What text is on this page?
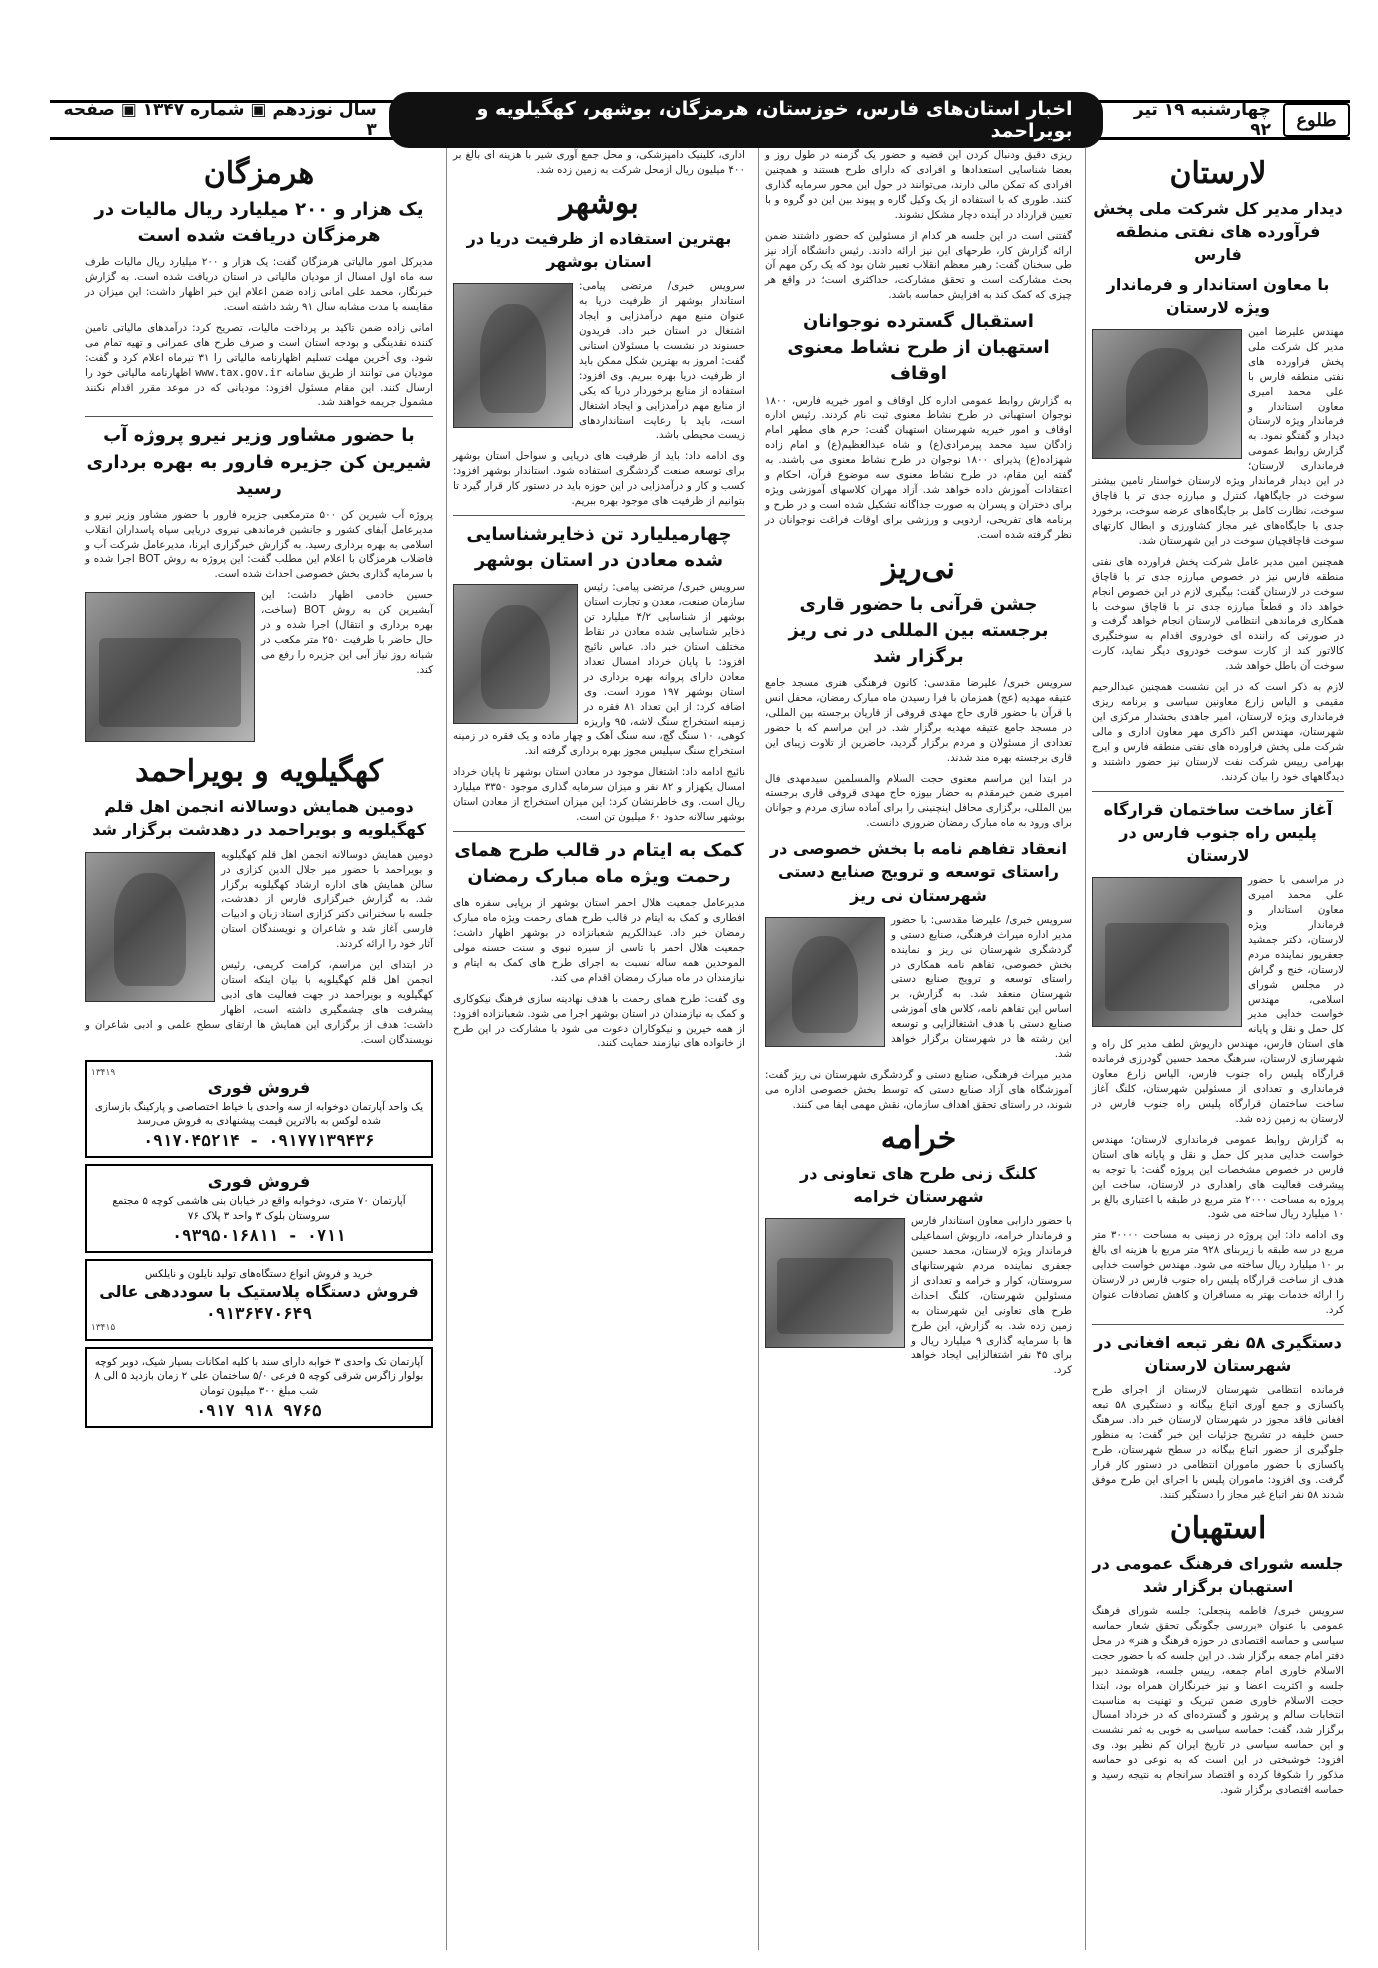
طلوع
چهارشنبه ۱۹ تیر ۹۲
اخبار استان‌های فارس، خوزستان، هرمزگان، بوشهر، کهگیلویه و بویراحمد
سال نوزدهم ▣ شماره ۱۳۴۷ ▣ صفحه ۳
لارستان
دیدار مدیر کل شرکت ملی پخش فرآورده های نفتی منطقه فارس
با معاون استاندار و فرماندار ویژه لارستان
مهندس علیرضا امین مدیر کل شرکت ملی پخش فراورده های نفتی منطقه فارس با علی محمد امیری معاون استاندار و فرماندار ویژه لارستان دیدار و گفتگو نمود. به گزارش روابط عمومی فرمانداری لارستان؛ در این دیدار فرماندار ویژه لارستان خواستار تامین بیشتر سوخت در جایگاهها، کنترل و مبارزه جدی تر با قاچاق سوخت، نظارت کامل بر جایگاه‌های عرضه سوخت، برخورد جدی با جایگاه‌های غیر مجاز کشاورزی و ابطال کارتهای سوخت قاچاقچیان سوخت در این شهرستان شد.
همچنین امین مدیر عامل شرکت پخش فراورده های نفتی منطقه فارس نیز در خصوص مبارزه جدی تر با قاچاق سوخت در لارستان گفت: بیگیری لازم در این خصوص انجام خواهد داد و قطعاً مبارزه جدی تر با قاچاق سوخت با همکاری فرماندهی انتظامی لارستان انجام خواهد گرفت و در صورتی که راننده ای خودروی اقدام به سوختگیری کالاتور کند از کارت سوخت خودروی دیگر نماید، کارت سوخت آن باطل خواهد شد.
لازم به ذکر است که در این نشست همچنین عبدالرحیم مقیمی و الیاس زارع معاونین سیاسی و برنامه ریزی فرمانداری ویژه لارستان، امیر جاهدی بخشدار مرکزی این شهرستان، مهندس اکبر ذاکری مهر معاون اداری و مالی شرکت ملی پخش فراورده های نفتی منطقه فارس و ایرج بهرامی رییس شرکت نفت لارستان نیز حضور داشتند و دیدگاههای خود را بیان کردند.
آغاز ساخت ساختمان قرارگاه پلیس راه جنوب فارس در لارستان
در مراسمی با حضور علی محمد امیری معاون استاندار و فرماندار ویژه لارستان، دکتر جمشید جعفرپور نماینده مردم لارستان، خنج و گراش در مجلس شورای اسلامی، مهندس خواست خدایی مدیر کل حمل و نقل و پایانه های استان فارس، مهندس داریوش لطف مدیر کل راه و شهرسازی لارستان، سرهنگ محمد حسین گودرزی فرمانده قرارگاه پلیس راه جنوب فارس، الیاس زارع معاون فرمانداری و تعدادی از مسئولین شهرستان، کلنگ آغاز ساخت ساختمان قرارگاه پلیس راه جنوب فارس در لارستان به زمین زده شد.
به گزارش روابط عمومی فرمانداری لارستان؛ مهندس خواست خدایی مدیر کل حمل و نقل و پایانه های استان فارس در خصوص مشخصات این پروژه گفت: با توجه به پیشرفت فعالیت های راهداری در لارستان، ساخت این پروژه به مساحت ۲۰۰۰ متر مربع در طبقه با اعتباری بالغ بر ۱۰ میلیارد ریال ساخته می شود.
وی ادامه داد: این پروژه در زمینی به مساحت ۳۰۰۰۰ متر مربع در سه طبقه با زیربنای ۹۲۸ متر مربع با هزینه ای بالغ بر ۱۰ میلیارد ریال ساخته می شود. مهندس خواست خدایی هدف از ساخت قرارگاه پلیس راه جنوب فارس در لارستان را ارائه خدمات بهتر به مسافران و کاهش تصادفات عنوان کرد.
دستگیری ۵۸ نفر تبعه افغانی در شهرستان لارستان
فرمانده انتظامی شهرستان لارستان از اجرای طرح پاکسازی و جمع آوری اتباع بیگانه و دستگیری ۵۸ تبعه افغانی فاقد مجوز در شهرستان لارستان خبر داد. سرهنگ حسن خلیفه در تشریح جزئیات این خبر گفت: به منظور جلوگیری از حضور اتباع بیگانه در سطح شهرستان، طرح پاکسازی با حضور ماموران انتظامی در دستور کار قرار گرفت. وی افزود: ماموران پلیس با اجرای این طرح موفق شدند ۵۸ نفر اتباع غیر مجاز را دستگیر کنند.
استهبان
جلسه شورای فرهنگ عمومی در استهبان برگزار شد
سرویس خبری/ فاطمه پنجعلی: جلسه شورای فرهنگ عمومی با عنوان «بررسی جگونگی تحقق شعار حماسه سیاسی و حماسه اقتصادی در حوزه فرهنگ و هنر» در محل دفتر امام جمعه برگزار شد. در این جلسه که با حضور حجت الاسلام خاوری امام جمعه، رییس جلسه، هوشمند دبیر جلسه و اکثریت اعضا و نیز خبرنگاران همراه بود، ابتدا حجت الاسلام خاوری ضمن تبریک و تهنیت به مناسبت انتخابات سالم و پرشور و گسترده‌ای که در خرداد امسال برگزار شد، گفت: حماسه سیاسی به خوبی به ثمر نشست و این حماسه سیاسی در تاریخ ایران کم نظیر بود. وی افزود: خوشبختی در این است که به نوعی دو حماسه مذکور را شکوفا کرده و اقتصاد سرانجام به نتیجه رسید و حماسه اقتصادی برگزار شود.
ریزی دقیق ودنبال کردن این قضیه و حضور یک گزمنه در طول روز و بعضا شناسایی استعدادها و افرادی که دارای طرح هستند و همچنین افرادی که تمکن مالی دارند، می‌توانند در حول این محور سرمایه گذاری کنند. طوری که با استفاده از یک وکیل گاره و پیوند بین این دو گروه و با تعیین قرارداد در آینده دچار مشکل نشوند.
گفتنی است در این جلسه هر کدام از مسئولین که حضور داشتند ضمن ارائه گزارش کار، طرحهای این نیز ارائه دادند. رئیس دانشگاه آزاد نیز طی سخنان گفت: رهبر معظم انقلاب تعبیر شان بود که یک رکن مهم آن بحث مشارکت است و تحقق مشارکت، حداکثری است؛ در واقع هر چیزی که کمک کند به افزایش حماسه باشد.
استقبال گسترده نوجوانان استهبان از طرح نشاط معنوی اوقاف
به گزارش روابط عمومی اداره کل اوقاف و امور خیریه فارس، ۱۸۰۰ نوجوان استهبانی در طرح نشاط معنوی ثبت نام کردند. رئیس اداره اوقاف و امور خیریه شهرستان استهبان گفت: حرم های مطهر امام زادگان سید محمد پیرمرادی(ع) و شاه عبدالعظیم(ع) و امام زاده شهزاده(ع) پذیرای ۱۸۰۰ نوجوان در طرح نشاط معنوی می باشند. به گفته این مقام، در طرح نشاط معنوی سه موضوع قرآن، احکام و اعتقادات آموزش داده خواهد شد. آزاد مهران کلاسهای آموزشی ویژه برای دختران و پسران به صورت جداگانه تشکیل شده است و در طرح و برنامه های تفریحی، اردویی و ورزشی برای اوقات فراغت نوجوانان در نظر گرفته شده است.
نی‌ریز
جشن قرآنی با حضور قاری برجسته بین المللی در نی ریز برگزار شد
سرویس خبری/ علیرضا مقدسی: کانون فرهنگی هنری مسجد جامع عتیقه مهدیه (عج) همزمان با فرا رسیدن ماه مبارک رمضان، محفل انس با قرآن با حضور قاری حاج مهدی قروفی از قاریان برجسته بین المللی، در مسجد جامع عتیقه مهدیه برگزار شد. در این مراسم که با حضور تعدادی از مسئولان و مردم برگزار گردید، حاضرین از تلاوت زیبای این قاری برجسته بهره مند شدند.
در ابتدا این مراسم معنوی حجت السلام والمسلمین سیدمهدی فال امیری ضمن خیرمقدم به حضار بیوزه حاج مهدی قروفی قاری برجسته بین المللی، برگزاری محافل اینچنینی را برای آماده سازی مردم و جوانان برای ورود به ماه مبارک رمضان ضروری دانست.
انعقاد تفاهم نامه با بخش خصوصی در راستای توسعه و ترویج صنایع دستی شهرستان نی ریز
سرویس خبری/ علیرضا مقدسی: با حضور مدیر اداره میراث فرهنگی، صنایع دستی و گردشگری شهرستان نی ریز و نماینده بخش خصوصی، تفاهم نامه همکاری در راستای توسعه و ترویج صنایع دستی شهرستان منعقد شد. به گزارش، بر اساس این تفاهم نامه، کلاس های آموزشی صنایع دستی با هدف اشتغالزایی و توسعه این رشته ها در شهرستان برگزار خواهد شد.
مدیر میراث فرهنگی، صنایع دستی و گردشگری شهرستان نی ریز گفت: آموزشگاه های آزاد صنایع دستی که توسط بخش خصوصی اداره می شوند، در راستای تحقق اهداف سازمان، نقش مهمی ایفا می کنند.
خرامه
کلنگ زنی طرح های تعاونی در شهرستان خرامه
با حضور دارابی معاون استاندار فارس و فرماندار خرامه، داریوش اسماعیلی فرماندار ویژه لارستان، محمد حسین جعفری نماینده مردم شهرستانهای سروستان، کوار و خرامه و تعدادی از مسئولین شهرستان، کلنگ احداث طرح های تعاونی این شهرستان به زمین زده شد. به گزارش، این طرح ها با سرمایه گذاری ۹ میلیارد ریال و برای ۴۵ نفر اشتغالزایی ایجاد خواهد کرد.
اداری، کلینیک دامپزشکی، و محل جمع آوری شیر با هزینه ای بالغ بر ۴۰۰ میلیون ریال ازمحل شرکت به زمین زده شد.
بوشهر
بهترین استفاده از ظرفیت دریا در استان بوشهر
سرویس خبری/ مرتضی پیامی: استاندار بوشهر از ظرفیت دریا به عنوان منبع مهم درآمدزایی و ایجاد اشتغال در استان خبر داد. فریدون حسنوند در نشست با مسئولان استانی گفت: امروز به بهترین شکل ممکن باید از ظرفیت دریا بهره ببریم. وی افزود: استفاده از منابع برخوردار دریا که یکی از منابع مهم درآمدزایی و ایجاد اشتغال است، باید با رعایت استانداردهای زیست محیطی باشد.
وی ادامه داد: باید از ظرفیت های دریایی و سواحل استان بوشهر برای توسعه صنعت گردشگری استفاده شود. استاندار بوشهر افزود: کسب و کار و درآمدزایی در این حوزه باید در دستور کار قرار گیرد تا بتوانیم از ظرفیت های موجود بهره ببریم.
چهارمیلیارد تن ذخایرشناسایی شده معادن در استان بوشهر
سرویس خبری/ مرتضی پیامی: رئیس سازمان صنعت، معدن و تجارت استان بوشهر از شناسایی ۴/۲ میلیارد تن ذخایر شناسایی شده معادن در نقاط مختلف استان خبر داد. عباس نائیج افزود: با پایان خرداد امسال تعداد معادن دارای پروانه بهره برداری در استان بوشهر ۱۹۷ مورد است. وی اضافه کرد: از این تعداد ۸۱ فقره در زمینه استخراج سنگ لاشه، ۹۵ واریزه کوهی، ۱۰ سنگ گچ، سه سنگ آهک و چهار ماده و یک فقره در زمینه استخراج سنگ سیلیس مجوز بهره برداری گرفته اند.
نائیج ادامه داد: اشتغال موجود در معادن استان بوشهر تا پایان خرداد امسال یکهزار و ۸۲ نفر و میزان سرمایه گذاری موجود ۳۳۵۰ میلیارد ریال است. وی خاطرنشان کرد: این میزان استخراج از معادن استان بوشهر سالانه حدود ۶۰ میلیون تن است.
کمک به ایتام در قالب طرح همای رحمت ویژه ماه مبارک رمضان
مدیرعامل جمعیت هلال احمر استان بوشهر از برپایی سفره های افطاری و کمک به ایتام در قالب طرح همای رحمت ویژه ماه مبارک رمضان خبر داد. عبدالکریم شعبانزاده در بوشهر اظهار داشت: جمعیت هلال احمر با تاسی از سیره نبوی و سنت حسنه مولی الموحدین همه ساله نسبت به اجرای طرح های کمک به ایتام و نیازمندان در ماه مبارک رمضان اقدام می کند.
وی گفت: طرح همای رحمت با هدف نهادینه سازی فرهنگ نیکوکاری و کمک به نیازمندان در استان بوشهر اجرا می شود. شعبانزاده افزود: از همه خیرین و نیکوکاران دعوت می شود با مشارکت در این طرح از خانواده های نیازمند حمایت کنند.
هرمزگان
یک هزار و ۲۰۰ میلیارد ریال مالیات در هرمزگان دریافت شده است
مدیرکل امور مالیاتی هرمزگان گفت: یک هزار و ۲۰۰ میلیارد ریال مالیات طرف سه ماه اول امسال از مودیان مالیاتی در استان دریافت شده است. به گزارش خبرنگار، محمد علی امانی زاده ضمن اعلام این خبر اظهار داشت: این میزان در مقایسه با مدت مشابه سال ۹۱ رشد داشته است.
امانی زاده ضمن تاکید بر پرداخت مالیات، تصریح کرد: درآمدهای مالیاتی تامین کننده نقدینگی و بودجه استان است و صرف طرح های عمرانی و تهیه تمام می شود. وی آخرین مهلت تسلیم اظهارنامه مالیاتی را ۳۱ تیرماه اعلام کرد و گفت: مودیان می توانند از طریق سامانه www.tax.gov.ir اظهارنامه مالیاتی خود را ارسال کنند. این مقام مسئول افزود: مودیانی که در موعد مقرر اقدام نکنند مشمول جریمه خواهند شد.
با حضور مشاور وزیر نیرو پروژه آب شیرین کن جزیره فارور به بهره برداری رسید
پروژه آب شیرین کن ۵۰۰ مترمکعبی جزیره فارور با حضور مشاور وزیر نیرو و مدیرعامل آبفای کشور و جانشین فرماندهی نیروی دریایی سپاه پاسداران انقلاب اسلامی به بهره برداری رسید. به گزارش خبرگزاری ایرنا، مدیرعامل شرکت آب و فاضلاب هرمزگان با اعلام این مطلب گفت: این پروژه به روش BOT اجرا شده و با سرمایه گذاری بخش خصوصی احداث شده است.
حسین خادمی اظهار داشت: این آبشیرین کن به روش BOT (ساخت، بهره برداری و انتقال) اجرا شده و در حال حاضر با ظرفیت ۲۵۰ متر مکعب در شبانه روز نیاز آبی این جزیره را رفع می کند.
کهگیلویه و بویراحمد
دومین همایش دوسالانه انجمن اهل قلم کهگیلویه و بویراحمد در دهدشت برگزار شد
دومین همایش دوسالانه انجمن اهل قلم کهگیلویه و بویراحمد با حضور میر جلال الدین کزازی در سالن همایش های اداره ارشاد کهگیلویه برگزار شد. به گزارش خبرگزاری فارس از دهدشت، جلسه با سخنرانی دکتر کزازی استاد زبان و ادبیات فارسی آغاز شد و شاعران و نویسندگان استان آثار خود را ارائه کردند.
در ابتدای این مراسم، کرامت کریمی، رئیس انجمن اهل قلم کهگیلویه با بیان اینکه استان کهگیلویه و بویراحمد در جهت فعالیت های ادبی پیشرفت های چشمگیری داشته است، اظهار داشت: هدف از برگزاری این همایش ها ارتقای سطح علمی و ادبی شاعران و نویسندگان است.
۱۳۴۱۹
فروش فوری
یک واحد آپارتمان دوخوابه از سه واحدی با خیاط اختصاصی و پارکینگ بازسازی شده لوکس به بالاترین قیمت پیشنهادی به فروش می‌رسد
۰۹۱۷۰۴۵۲۱۴ - ۰۹۱۷۷۱۳۹۴۳۶
فروش فوری
آپارتمان ۷۰ متری، دوخوابه واقع در خیابان بنی هاشمی کوچه ۵ مجتمع سروستان بلوک ۳ واحد ۳ پلاک ۷۶
۰۹۳۹۵۰۱۶۸۱۱ - ۰۷۱۱
خرید و فروش انواع دستگاه‌های تولید نایلون و نایلکس
فروش دستگاه پلاستیک با سوددهی عالی
۰۹۱۳۶۴۷۰۶۴۹
۱۳۴۱۵
آپارتمان تک واحدی ۳ خوابه دارای سند با کلیه امکانات بسیار شیک، دوبر کوچه بولوار زاگرس شرقی کوچه ۵ فرعی ۵/۰ ساختمان علی ۲ زمان بازدید ۵ الی ۸ شب مبلغ ۳۰۰ میلیون تومان
۰۹۱۷ ۹۱۸ ۹۷۶۵
